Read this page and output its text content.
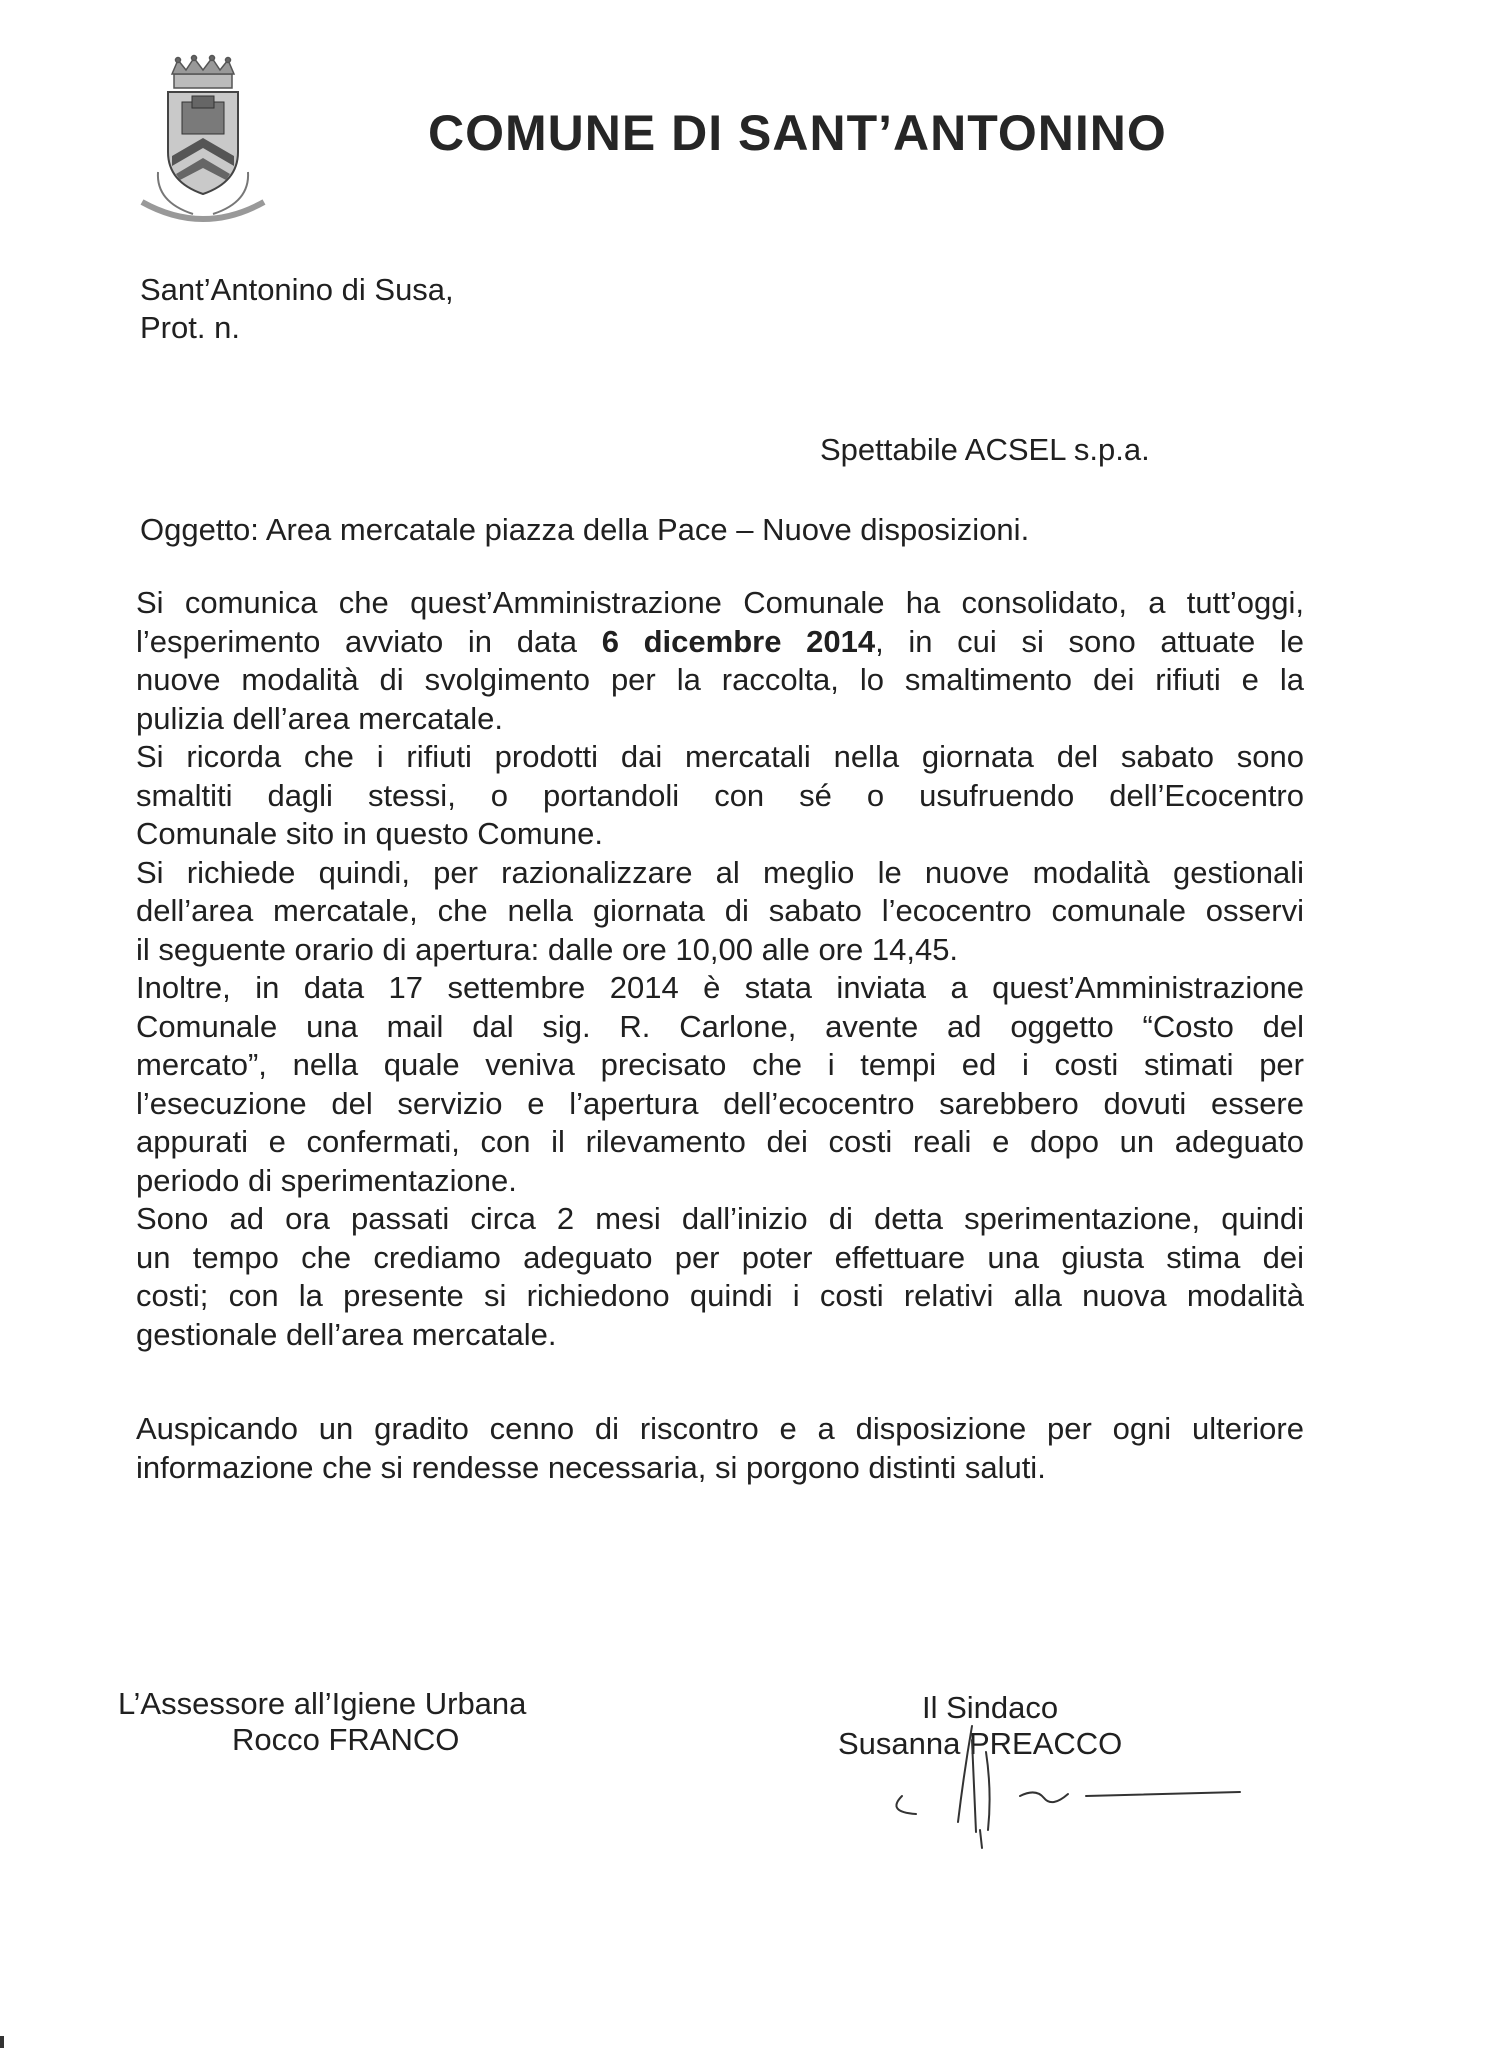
COMUNE DI SANT’ANTONINO
Sant’Antonino di Susa,
Prot. n.
Spettabile ACSEL s.p.a.
Oggetto: Area mercatale piazza della Pace – Nuove disposizioni.
Si comunica che quest’Amministrazione Comunale ha consolidato, a tutt’oggi,
l’esperimento avviato in data 6 dicembre 2014, in cui si sono attuate le
nuove modalità di svolgimento per la raccolta, lo smaltimento dei rifiuti e la
pulizia dell’area mercatale.
Si ricorda che i rifiuti prodotti dai mercatali nella giornata del sabato sono
smaltiti dagli stessi, o portandoli con sé o usufruendo dell’Ecocentro
Comunale sito in questo Comune.
Si richiede quindi, per razionalizzare al meglio le nuove modalità gestionali
dell’area mercatale, che nella giornata di sabato l’ecocentro comunale osservi
il seguente orario di apertura: dalle ore 10,00 alle ore 14,45.
Inoltre, in data 17 settembre 2014 è stata inviata a quest’Amministrazione
Comunale una mail dal sig. R. Carlone, avente ad oggetto “Costo del
mercato”, nella quale veniva precisato che i tempi ed i costi stimati per
l’esecuzione del servizio e l’apertura dell’ecocentro sarebbero dovuti essere
appurati e confermati, con il rilevamento dei costi reali e dopo un adeguato
periodo di sperimentazione.
Sono ad ora passati circa 2 mesi dall’inizio di detta sperimentazione, quindi
un tempo che crediamo adeguato per poter effettuare una giusta stima dei
costi; con la presente si richiedono quindi i costi relativi alla nuova modalità
gestionale dell’area mercatale.
Auspicando un gradito cenno di riscontro e a disposizione per ogni ulteriore
informazione che si rendesse necessaria, si porgono distinti saluti.
L’Assessore all’Igiene Urbana
Rocco FRANCO
Il Sindaco
Susanna PREACCO
